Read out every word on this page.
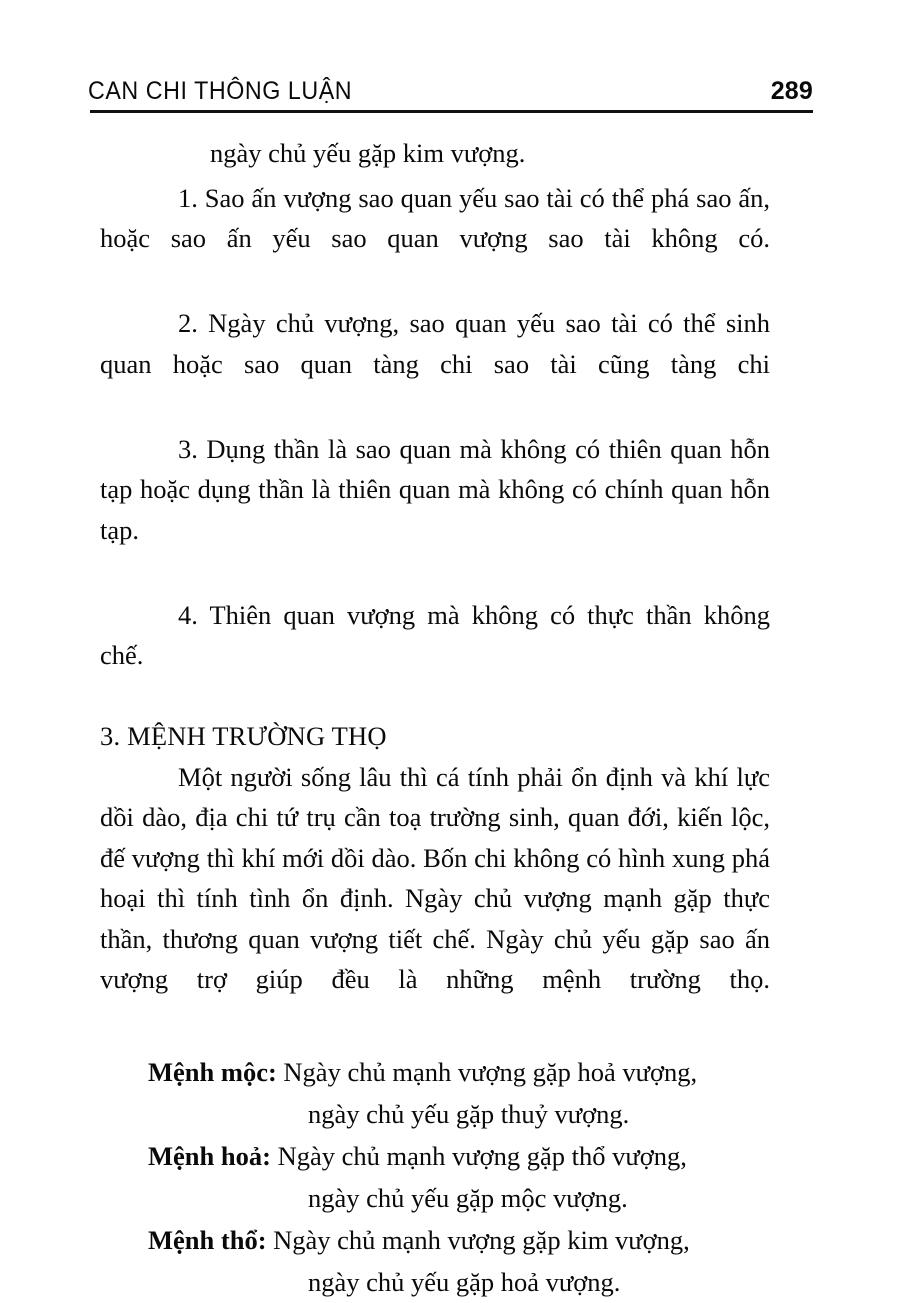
CAN CHI THÔNG LUẬN	289

ngày chủ yếu gặp kim vượng.

1. Sao ấn vượng sao quan yếu sao tài có thể phá sao ấn, hoặc sao ấn yếu sao quan vượng sao tài không có.

2. Ngày chủ vượng, sao quan yếu sao tài có thể sinh quan hoặc sao quan tàng chi sao tài cũng tàng chi

3. Dụng thần là sao quan mà không có thiên quan hỗn tạp hoặc dụng thần là thiên quan mà không có chính quan hỗn tạp.

4. Thiên quan vượng mà không có thực thần không chế.

3. MỆNH TRƯỜNG THỌ

Một người sống lâu thì cá tính phải ổn định và khí lực dồi dào, địa chi tứ trụ cần toạ trường sinh, quan đới, kiến lộc, đế vượng thì khí mới dồi dào. Bốn chi không có hình xung phá hoại thì tính tình ổn định. Ngày chủ vượng mạnh gặp thực thần, thương quan vượng tiết chế. Ngày chủ yếu gặp sao ấn vượng trợ giúp đều là những mệnh trường thọ.

Mệnh mộc: Ngày chủ mạnh vượng gặp hoả vượng,

ngày chủ yếu gặp thuỷ vượng.

Mệnh hoả: Ngày chủ mạnh vượng gặp thổ vượng,

ngày chủ yếu gặp mộc vượng.

Mệnh thổ: Ngày chủ mạnh vượng gặp kim vượng,

ngày chủ yếu gặp hoả vượng.
